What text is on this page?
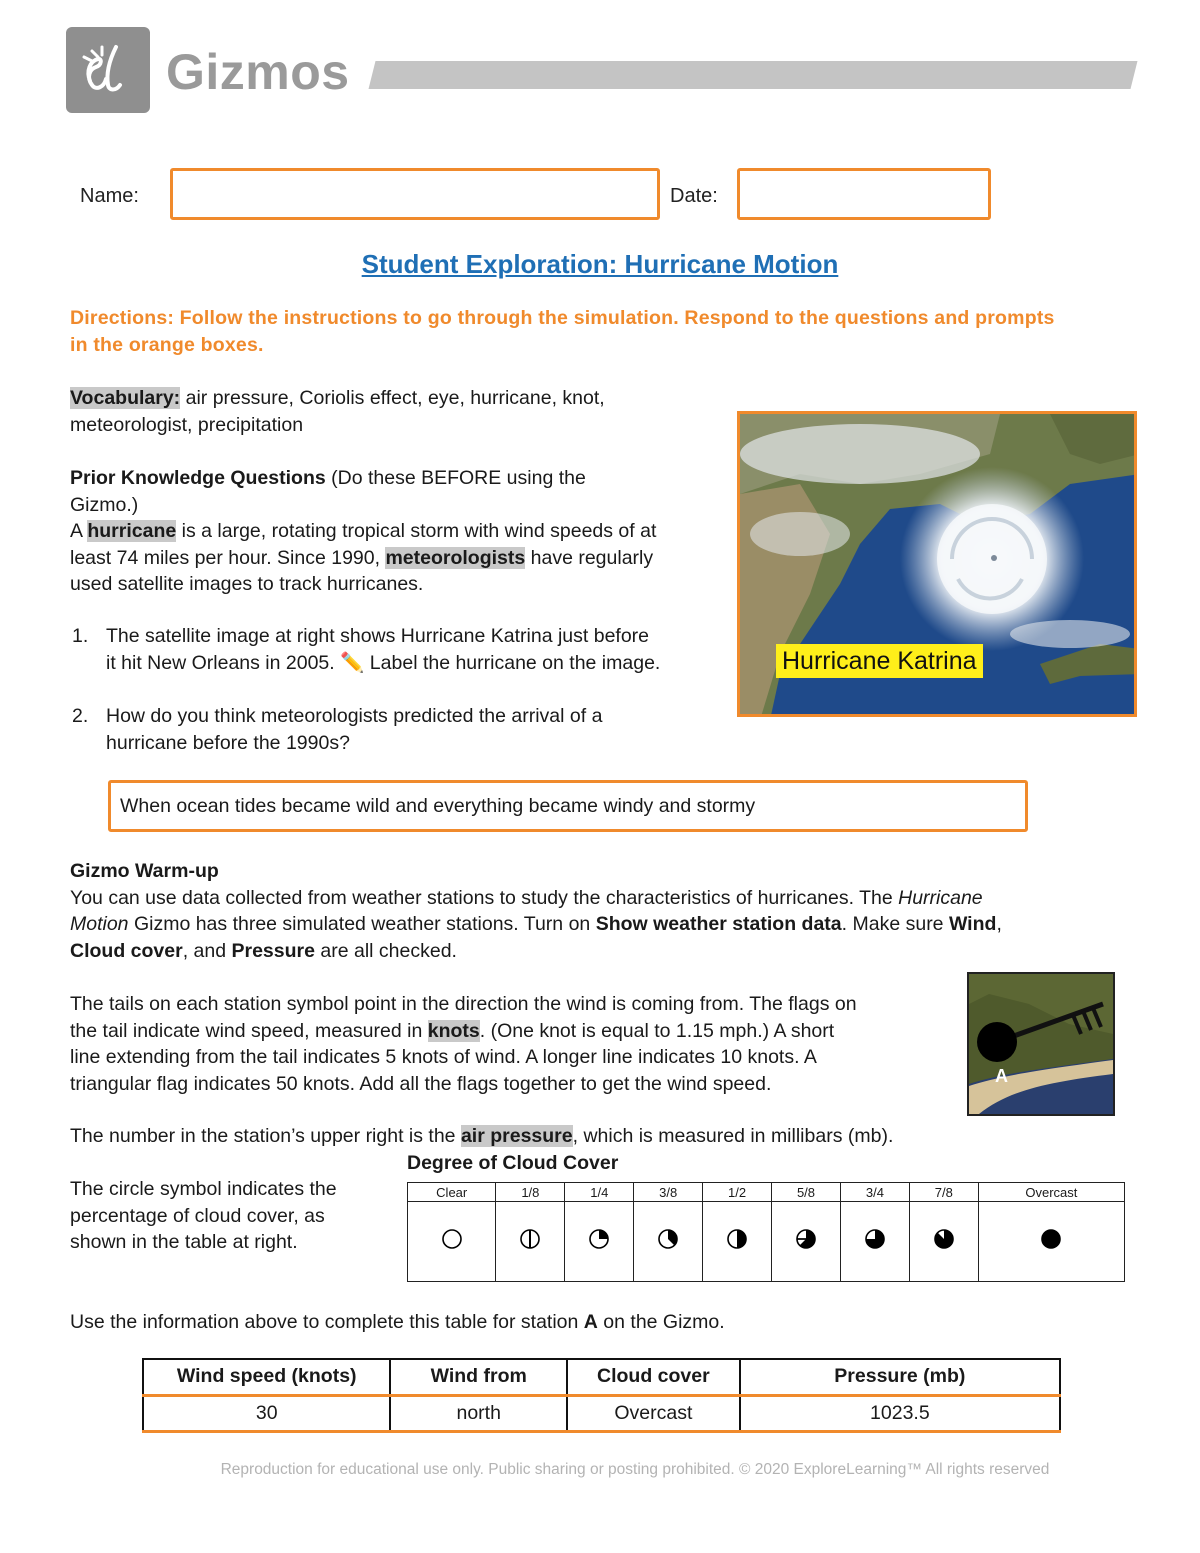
Gizmos
Name:	Date:
Student Exploration: Hurricane Motion
Directions: Follow the instructions to go through the simulation. Respond to the questions and prompts in the orange boxes.
Vocabulary: air pressure, Coriolis effect, eye, hurricane, knot,
meteorologist, precipitation
Prior Knowledge Questions (Do these BEFORE using the
Gizmo.)
A hurricane is a large, rotating tropical storm with wind speeds of at
least 74 miles per hour. Since 1990, meteorologists have regularly
used satellite images to track hurricanes.
1. The satellite image at right shows Hurricane Katrina just before
it hit New Orleans in 2005. ✏️ Label the hurricane on the image.
2. How do you think meteorologists predicted the arrival of a
hurricane before the 1990s?
Hurricane Katrina
When ocean tides became wild and everything became windy and stormy
Gizmo Warm-up
You can use data collected from weather stations to study the characteristics of hurricanes. The Hurricane
Motion Gizmo has three simulated weather stations. Turn on Show weather station data. Make sure Wind,
Cloud cover, and Pressure are all checked.
The tails on each station symbol point in the direction the wind is coming from. The flags on
the tail indicate wind speed, measured in knots. (One knot is equal to 1.15 mph.) A short
line extending from the tail indicates 5 knots of wind. A longer line indicates 10 knots. A
triangular flag indicates 50 knots. Add all the flags together to get the wind speed.	A
The number in the station’s upper right is the air pressure, which is measured in millibars (mb).
The circle symbol indicates the
percentage of cloud cover, as
shown in the table at right.
Degree of Cloud Cover
Clear	1/8	1/4	3/8	1/2	5/8	3/4	7/8	Overcast

Use the information above to complete this table for station A on the Gizmo.
Wind speed (knots)	Wind from	Cloud cover	Pressure (mb)
30	north	Overcast	1023.5
Reproduction for educational use only. Public sharing or posting prohibited. © 2020 ExploreLearning™ All rights reserved
